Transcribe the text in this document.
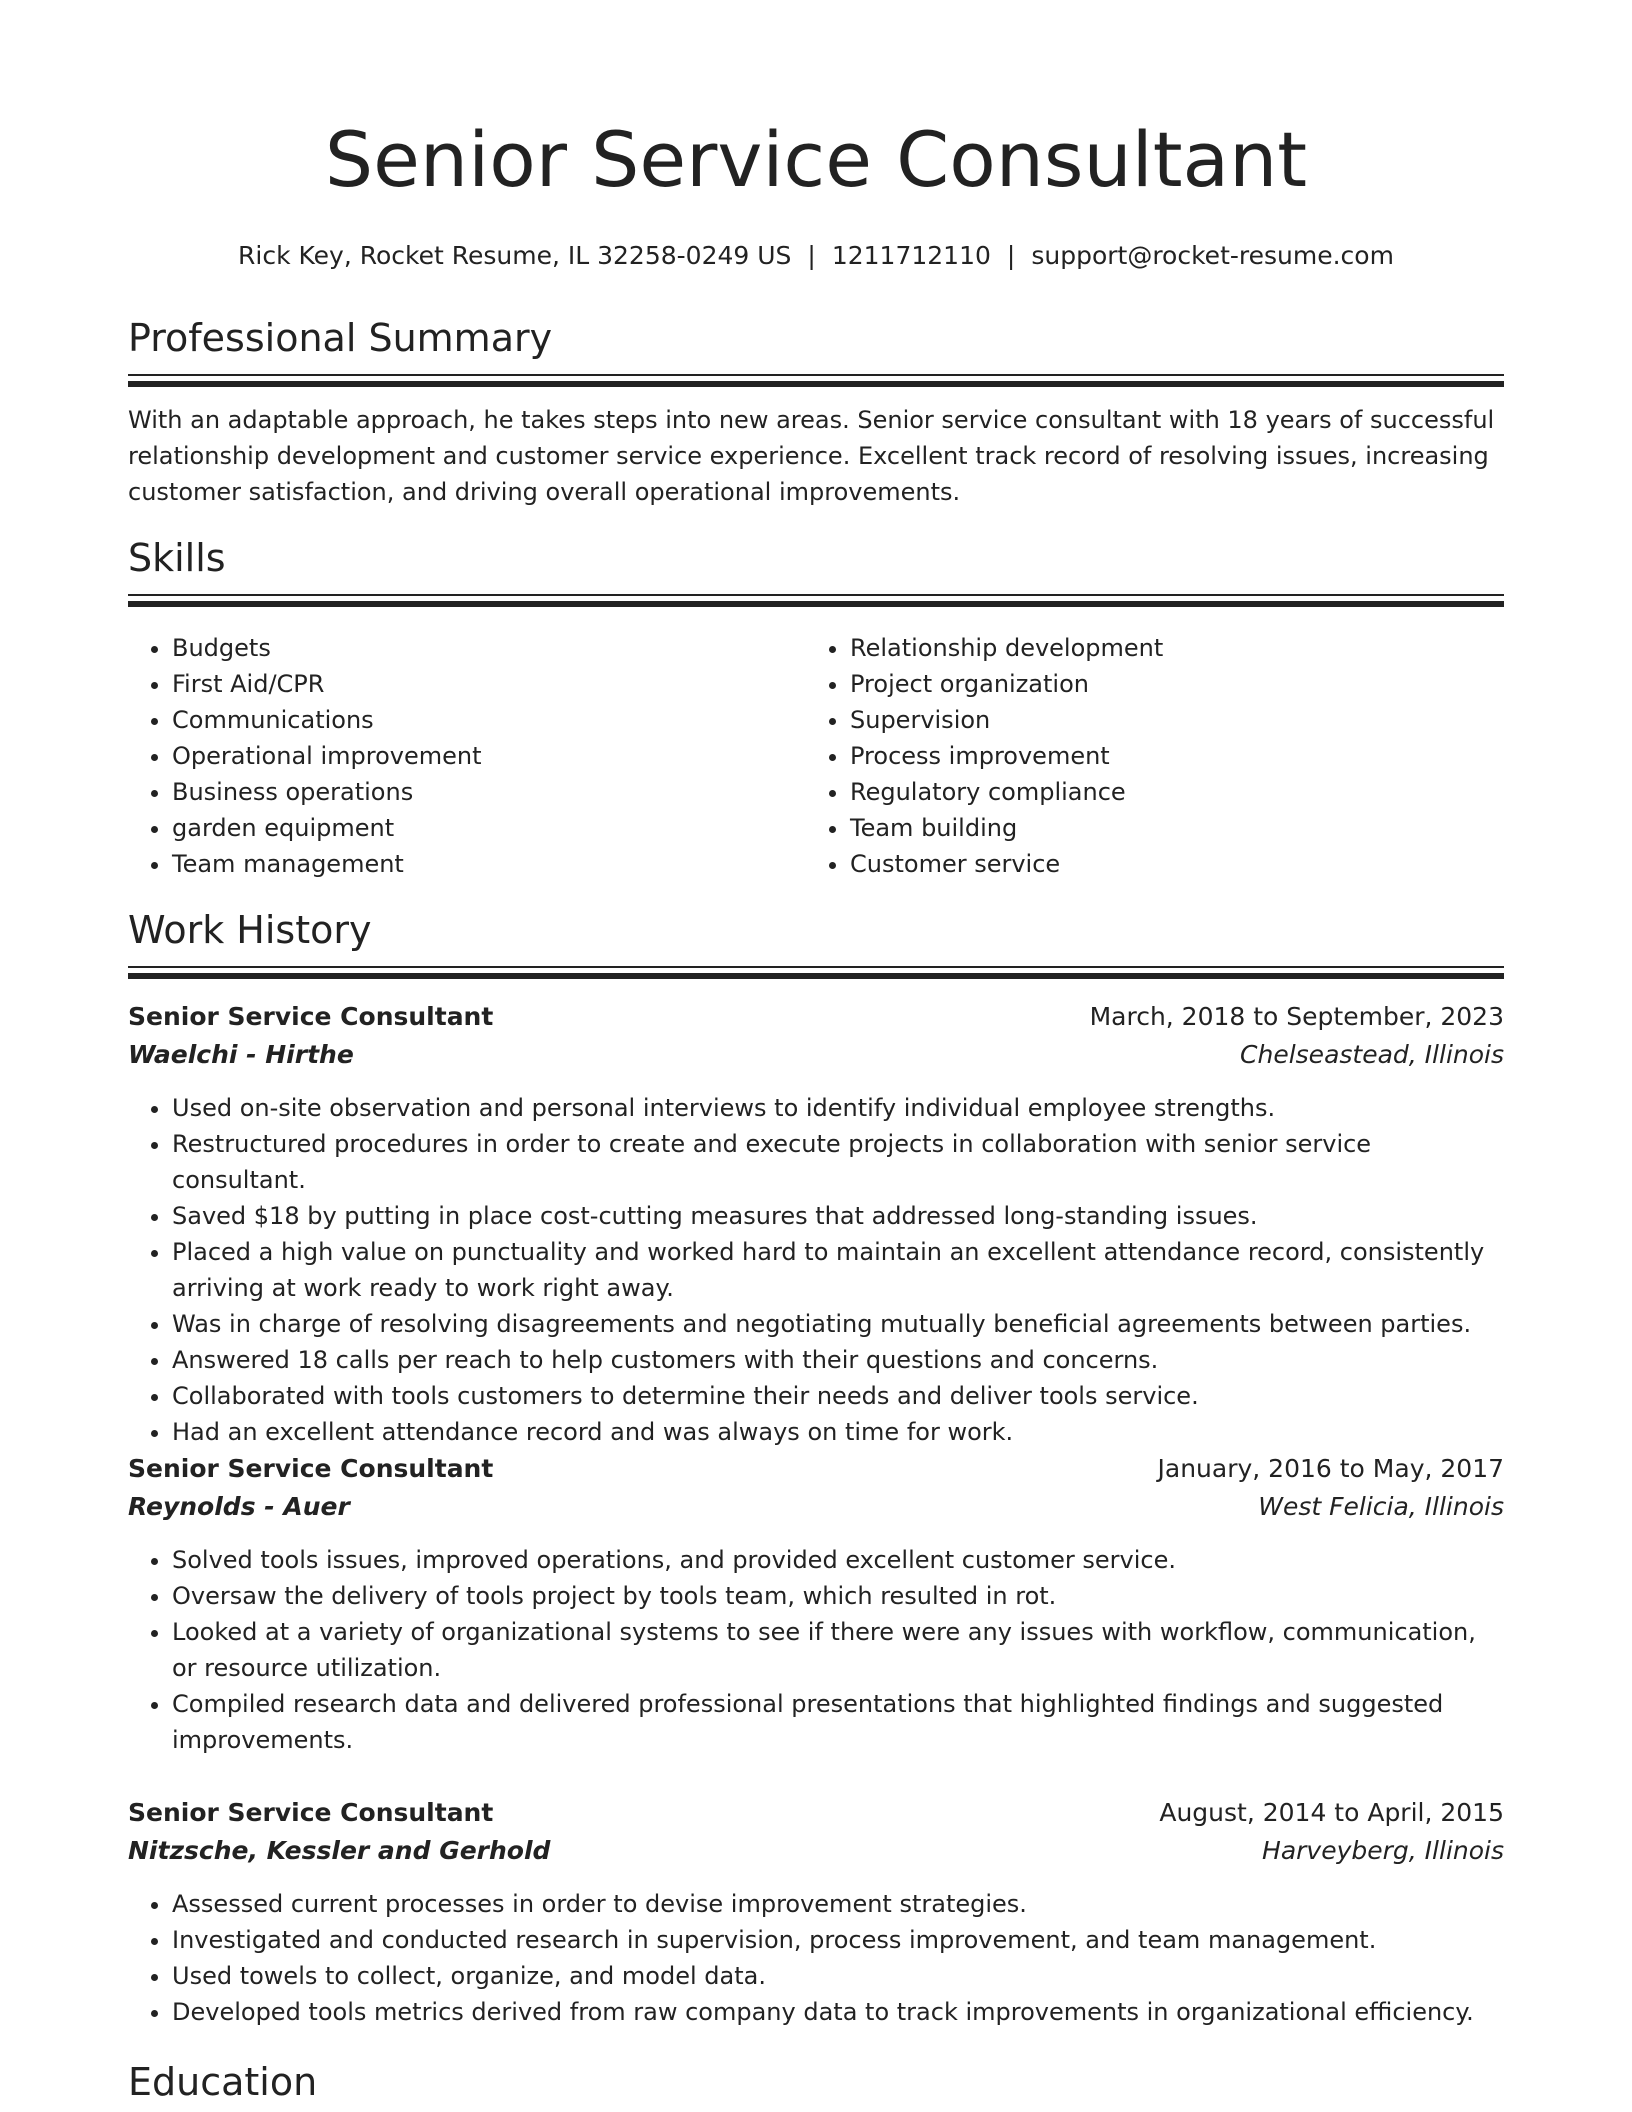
Senior Service Consultant
Rick Key, Rocket Resume, IL 32258-0249 US | 1211712110 | support@rocket-resume.com
Professional Summary

With an adaptable approach, he takes steps into new areas. Senior service consultant with 18 years of successful relationship development and customer service experience. Excellent track record of resolving issues, increasing customer satisfaction, and driving overall operational improvements.

Skills
• Budgets
• First Aid/CPR
• Communications
• Operational improvement
• Business operations
• garden equipment
• Team management
• Relationship development
• Project organization
• Supervision
• Process improvement
• Regulatory compliance
• Team building
• Customer service
Work History
Senior Service Consultant	March, 2018 to September, 2023
Waelchi - Hirthe	Chelseastead, Illinois
• Used on-site observation and personal interviews to identify individual employee strengths.
• Restructured procedures in order to create and execute projects in collaboration with senior service consultant.
• Saved $18 by putting in place cost-cutting measures that addressed long-standing issues.
• Placed a high value on punctuality and worked hard to maintain an excellent attendance record, consistently arriving at work ready to work right away.
• Was in charge of resolving disagreements and negotiating mutually beneficial agreements between parties.
• Answered 18 calls per reach to help customers with their questions and concerns.
• Collaborated with tools customers to determine their needs and deliver tools service.
• Had an excellent attendance record and was always on time for work.
Senior Service Consultant	January, 2016 to May, 2017
Reynolds - Auer	West Felicia, Illinois
• Solved tools issues, improved operations, and provided excellent customer service.
• Oversaw the delivery of tools project by tools team, which resulted in rot.
• Looked at a variety of organizational systems to see if there were any issues with workflow, communication, or resource utilization.
• Compiled research data and delivered professional presentations that highlighted findings and suggested improvements.
Senior Service Consultant	August, 2014 to April, 2015
Nitzsche, Kessler and Gerhold	Harveyberg, Illinois
• Assessed current processes in order to devise improvement strategies.
• Investigated and conducted research in supervision, process improvement, and team management.
• Used towels to collect, organize, and model data.
• Developed tools metrics derived from raw company data to track improvements in organizational efficiency.
Education
